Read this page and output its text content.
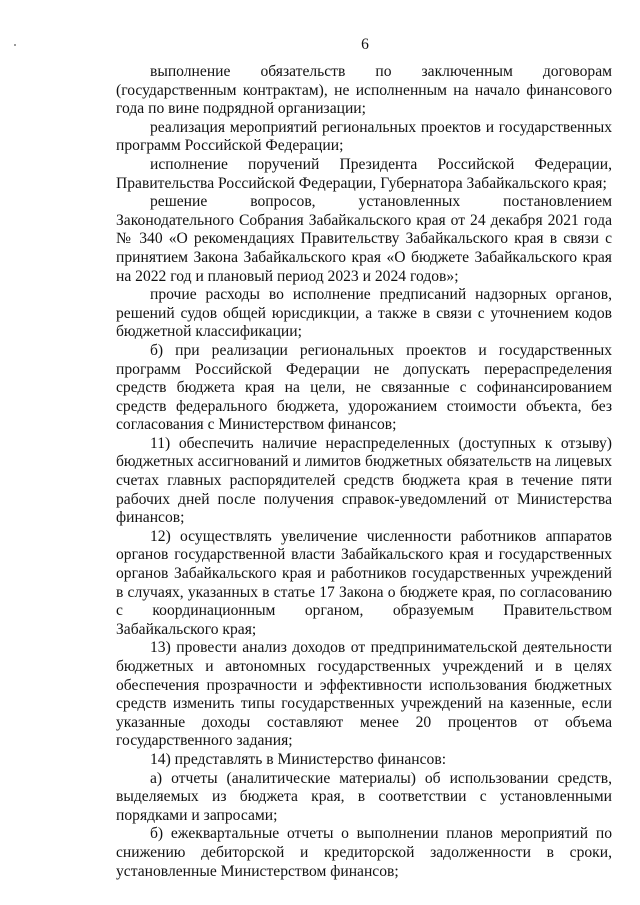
6

выполнение обязательств по заключенным договорам (государственным контрактам), не исполненным на начало финансового года по вине подрядной организации;

реализация мероприятий региональных проектов и государственных программ Российской Федерации;

исполнение поручений Президента Российской Федерации, Правительства Российской Федерации, Губернатора Забайкальского края;

решение вопросов, установленных постановлением Законодательного Собрания Забайкальского края от 24 декабря 2021 года № 340 «О рекомендациях Правительству Забайкальского края в связи с принятием Закона Забайкальского края «О бюджете Забайкальского края на 2022 год и плановый период 2023 и 2024 годов»;

прочие расходы во исполнение предписаний надзорных органов, решений судов общей юрисдикции, а также в связи с уточнением кодов бюджетной классификации;

б) при реализации региональных проектов и государственных программ Российской Федерации не допускать перераспределения средств бюджета края на цели, не связанные с софинансированием средств федерального бюджета, удорожанием стоимости объекта, без согласования с Министерством финансов;

11) обеспечить наличие нераспределенных (доступных к отзыву) бюджетных ассигнований и лимитов бюджетных обязательств на лицевых счетах главных распорядителей средств бюджета края в течение пяти рабочих дней после получения справок-уведомлений от Министерства финансов;

12) осуществлять увеличение численности работников аппаратов органов государственной власти Забайкальского края и государственных органов Забайкальского края и работников государственных учреждений в случаях, указанных в статье 17 Закона о бюджете края, по согласованию с координационным органом, образуемым Правительством Забайкальского края;

13) провести анализ доходов от предпринимательской деятельности бюджетных и автономных государственных учреждений и в целях обеспечения прозрачности и эффективности использования бюджетных средств изменить типы государственных учреждений на казенные, если указанные доходы составляют менее 20 процентов от объема государственного задания;

14) представлять в Министерство финансов:

а) отчеты (аналитические материалы) об использовании средств, выделяемых из бюджета края, в соответствии с установленными порядками и запросами;

б) ежеквартальные отчеты о выполнении планов мероприятий по снижению дебиторской и кредиторской задолженности в сроки, установленные Министерством финансов;
